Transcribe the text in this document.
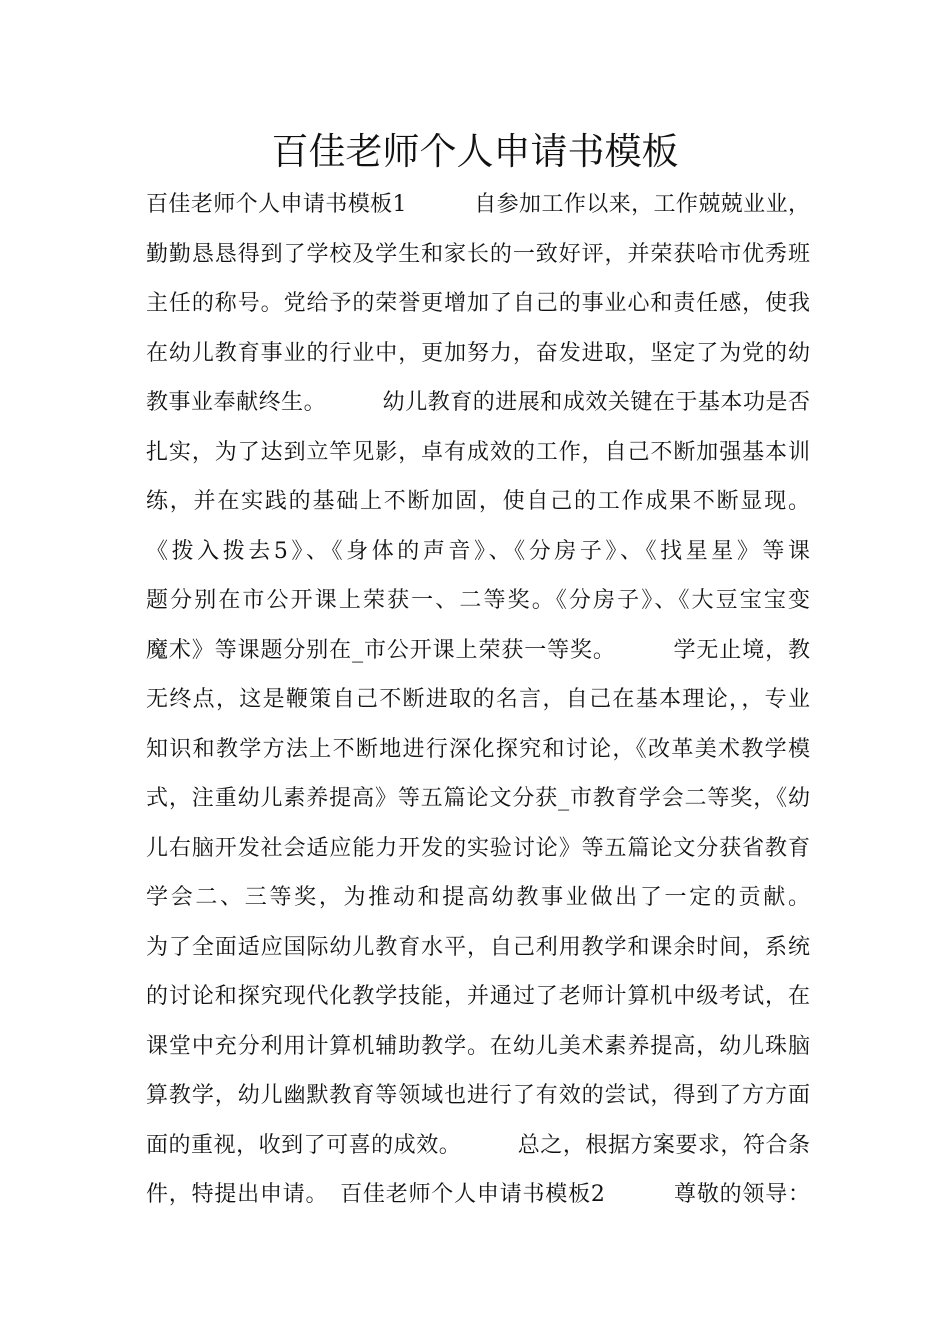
百佳老师个人申请书模板
百佳老师个人申请书模板1　　　自参加工作以来，工作兢兢业业，
勤勤恳恳得到了学校及学生和家长的一致好评，并荣获哈市优秀班
主任的称号。党给予的荣誉更增加了自己的事业心和责任感，使我
在幼儿教育事业的行业中，更加努力，奋发进取，坚定了为党的幼
教事业奉献终生。　　　幼儿教育的进展和成效关键在于基本功是否
扎实，为了达到立竿见影，卓有成效的工作，自己不断加强基本训
练，并在实践的基础上不断加固，使自己的工作成果不断显现。
《拨入拨去5》、《身体的声音》、《分房子》、《找星星》等课
题分别在市公开课上荣获一、二等奖。《分房子》、《大豆宝宝变
魔术》等课题分别在_市公开课上荣获一等奖。　　　学无止境，教
无终点，这是鞭策自己不断进取的名言，自己在基本理论，，专业
知识和教学方法上不断地进行深化探究和讨论，《改革美术教学模
式，注重幼儿素养提高》等五篇论文分获_市教育学会二等奖，《幼
儿右脑开发社会适应能力开发的实验讨论》等五篇论文分获省教育
学会二、三等奖，为推动和提高幼教事业做出了一定的贡献。
为了全面适应国际幼儿教育水平，自己利用教学和课余时间，系统
的讨论和探究现代化教学技能，并通过了老师计算机中级考试，在
课堂中充分利用计算机辅助教学。在幼儿美术素养提高，幼儿珠脑
算教学，幼儿幽默教育等领域也进行了有效的尝试，得到了方方面
面的重视，收到了可喜的成效。　　　总之，根据方案要求，符合条
件，特提出申请。　百佳老师个人申请书模板2　　　尊敬的领导：
